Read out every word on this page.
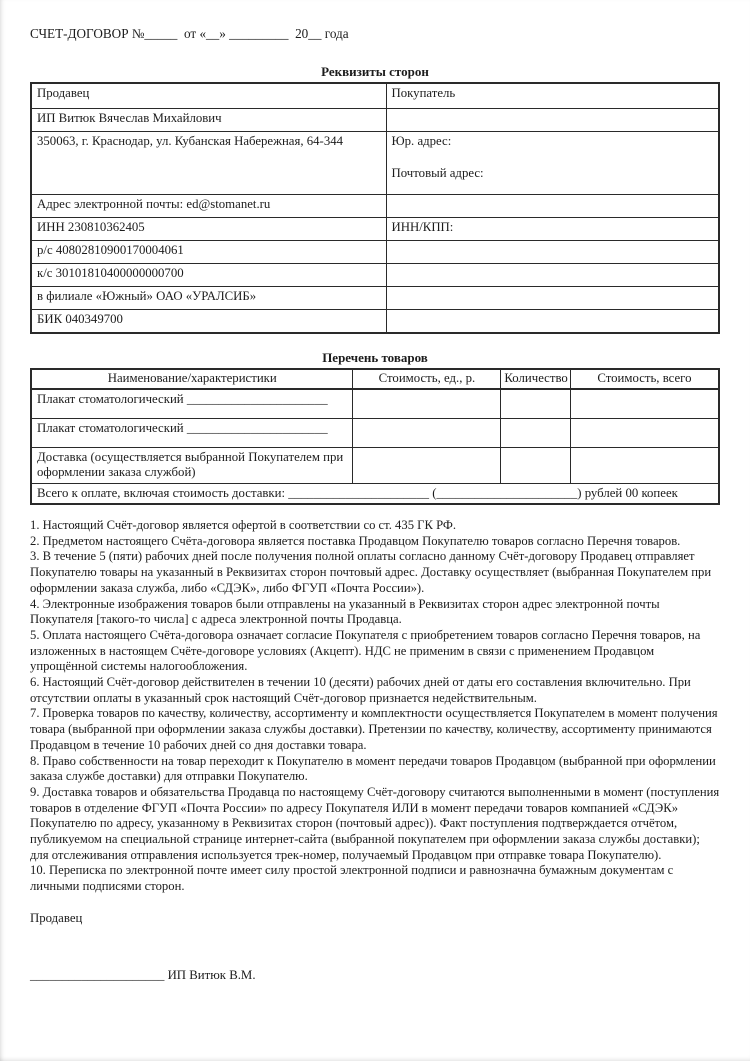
СЧЕТ-ДОГОВОР №_____  от «__» _________  20__ года

Реквизиты сторон
Продавец	Покупатель
ИП Витюк Вячеслав Михайлович	
350063, г. Краснодар, ул. Кубанская Набережная, 64-344	Юр. адрес:
Почтовый адрес:

Адрес электронной почты: ed@stomanet.ru	
ИНН 230810362405	ИНН/КПП:
р/с 40802810900170004061	
к/с 30101810400000000700	
в филиале «Южный» ОАО «УРАЛСИБ»	
БИК 040349700	
Перечень товаров
Наименование/характеристики	Стоимость, ед., р.	Количество	Стоимость, всего
Плакат стоматологический ______________________			
Плакат стоматологический ______________________			
Доставка (осуществляется выбранной Покупателем при оформлении заказа службой)			
Всего к оплате, включая стоимость доставки: ______________________ (______________________) рублей 00 копеек			

1. Настоящий Счёт-договор является офертой в соответствии со ст. 435 ГК РФ.

2. Предметом настоящего Счёта-договора является поставка Продавцом Покупателю товаров согласно Перечня товаров.

3. В течение 5 (пяти) рабочих дней после получения полной оплаты согласно данному Счёт-договору Продавец отправляет Покупателю товары на указанный в Реквизитах сторон почтовый адрес. Доставку осуществляет (выбранная Покупателем при оформлении заказа служба, либо «СДЭК», либо ФГУП «Почта России»).

4. Электронные изображения товаров были отправлены на указанный в Реквизитах сторон адрес электронной почты Покупателя [такого-то числа] с адреса электронной почты Продавца.

5. Оплата настоящего Счёта-договора означает согласие Покупателя с приобретением товаров согласно Перечня товаров, на изложенных в настоящем Счёте-договоре условиях (Акцепт). НДС не применим в связи с применением Продавцом упрощённой системы налогообложения.

6. Настоящий Счёт-договор действителен в течении 10 (десяти) рабочих дней от даты его составления включительно. При отсутствии оплаты в указанный срок настоящий Счёт-договор признается недействительным.

7. Проверка товаров по качеству, количеству, ассортименту и комплектности осуществляется Покупателем в момент получения товара (выбранной при оформлении заказа службы доставки). Претензии по качеству, количеству, ассортименту принимаются Продавцом в течение 10 рабочих дней со дня доставки товара.

8. Право собственности на товар переходит к Покупателю в момент передачи товаров Продавцом (выбранной при оформлении заказа службе доставки) для отправки Покупателю.

9. Доставка товаров и обязательства Продавца по настоящему Счёт-договору считаются выполненными в момент (поступления товаров в отделение ФГУП «Почта России» по адресу Покупателя ИЛИ в момент передачи товаров компанией «СДЭК» Покупателю по адресу, указанному в Реквизитах сторон (почтовый адрес)). Факт поступления подтверждается отчётом, публикуемом на специальной странице интернет-сайта (выбранной покупателем при оформлении заказа службы доставки); для отслеживания отправления используется трек-номер, получаемый Продавцом при отправке товара Покупателю).

10. Переписка по электронной почте имеет силу простой электронной подписи и равнозначна бумажным документам с личными подписями сторон.

Продавец

_____________________ ИП Витюк В.М.
